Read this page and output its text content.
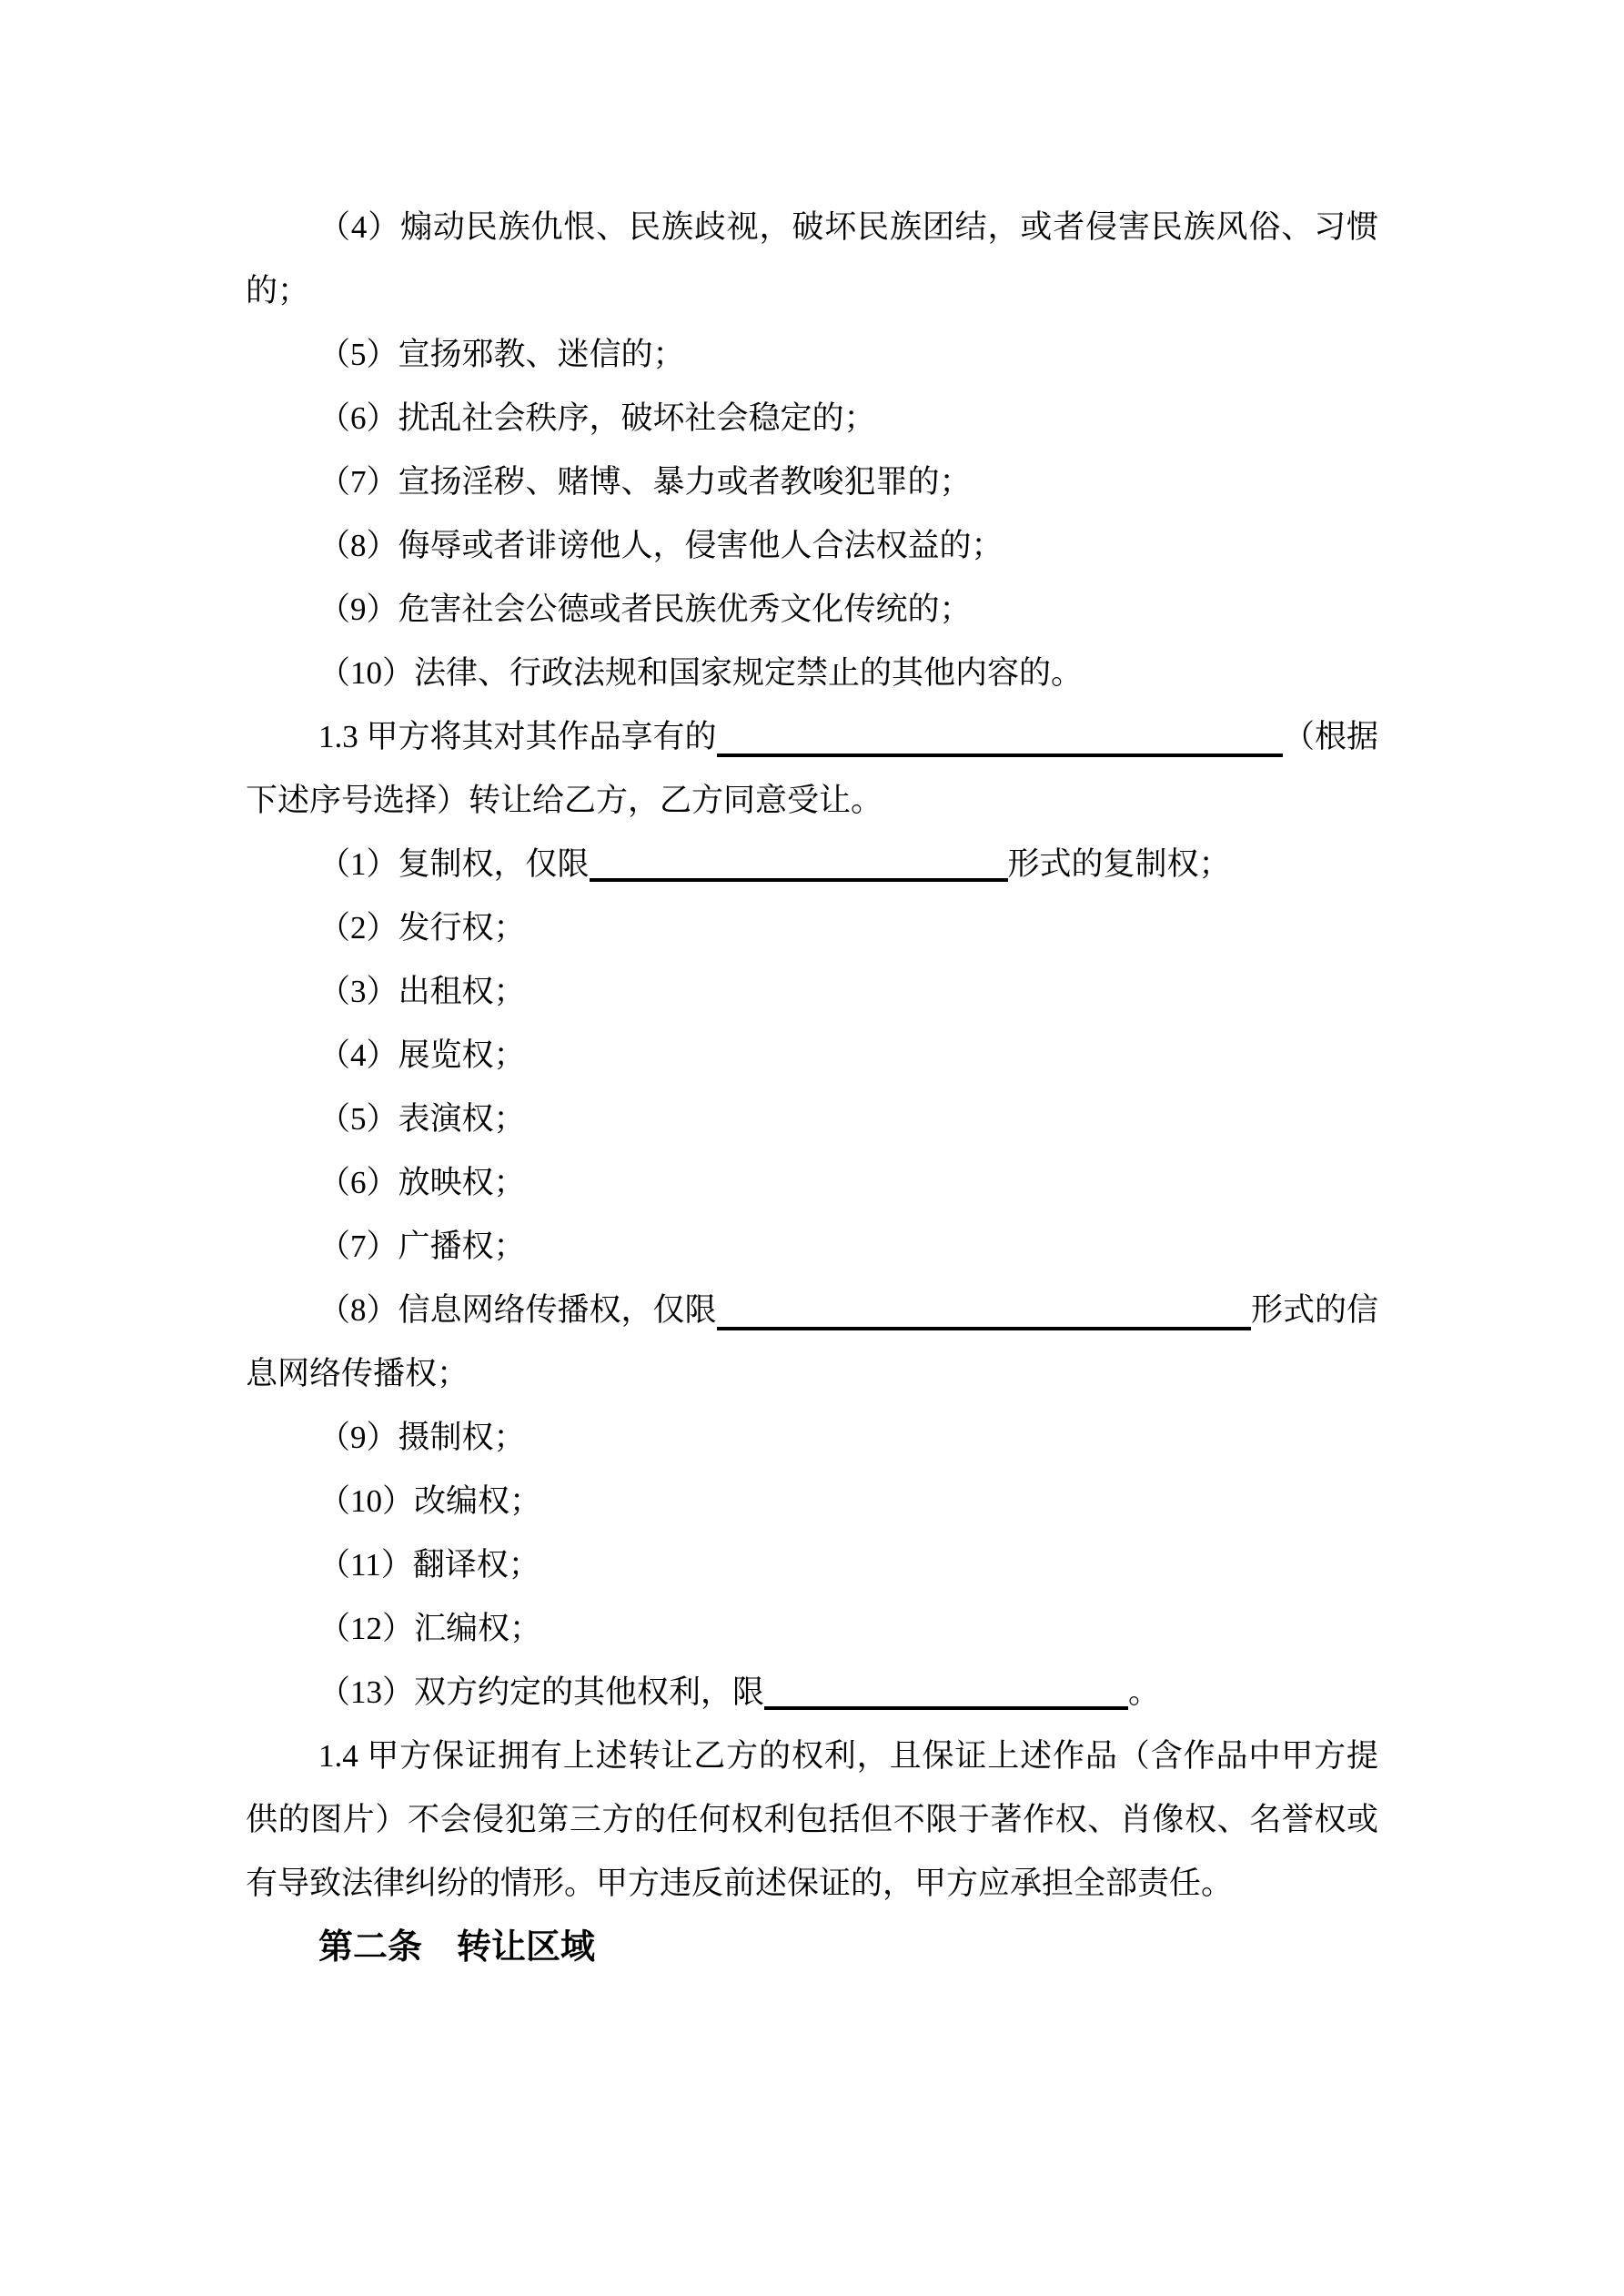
（4）煽动民族仇恨、民族歧视，破坏民族团结，或者侵害民族风俗、习惯
的；
（5）宣扬邪教、迷信的；
（6）扰乱社会秩序，破坏社会稳定的；
（7）宣扬淫秽、赌博、暴力或者教唆犯罪的；
（8）侮辱或者诽谤他人，侵害他人合法权益的；
（9）危害社会公德或者民族优秀文化传统的；
（10）法律、行政法规和国家规定禁止的其他内容的。
1.3 甲方将其对其作品享有的	（根据
下述序号选择）转让给乙方，乙方同意受让。
（1）复制权，仅限	形式的复制权；
（2）发行权；
（3）出租权；
（4）展览权；
（5）表演权；
（6）放映权；
（7）广播权；
（8）信息网络传播权，仅限	形式的信
息网络传播权；
（9）摄制权；
（10）改编权；
（11）翻译权；
（12）汇编权；
（13）双方约定的其他权利，限	。
1.4 甲方保证拥有上述转让乙方的权利，且保证上述作品（含作品中甲方提
供的图片）不会侵犯第三方的任何权利包括但不限于著作权、肖像权、名誉权或
有导致法律纠纷的情形。甲方违反前述保证的，甲方应承担全部责任。
第二条　转让区域
